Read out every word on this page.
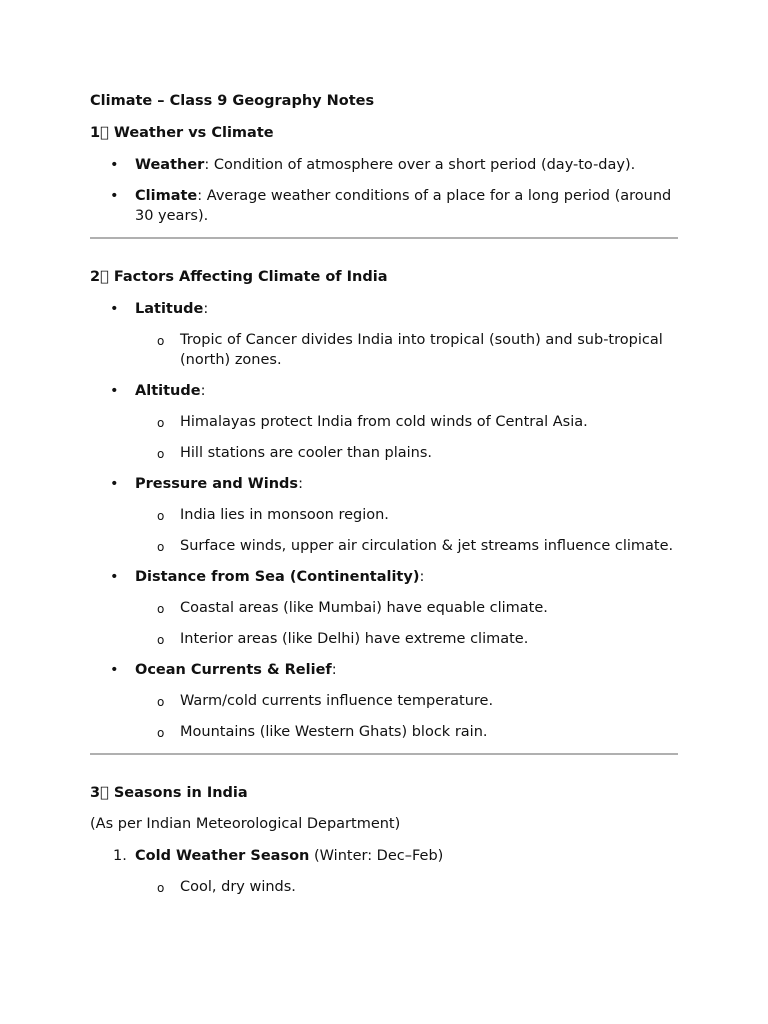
Climate – Class 9 Geography Notes
1⃣ Weather vs Climate
• Weather: Condition of atmosphere over a short period (day-to-day).
• Climate: Average weather conditions of a place for a long period (around 30 years).
2⃣ Factors Affecting Climate of India
• Latitude:
o Tropic of Cancer divides India into tropical (south) and sub-tropical (north) zones.
• Altitude:
o Himalayas protect India from cold winds of Central Asia.
o Hill stations are cooler than plains.
• Pressure and Winds:
o India lies in monsoon region.
o Surface winds, upper air circulation & jet streams influence climate.
• Distance from Sea (Continentality):
o Coastal areas (like Mumbai) have equable climate.
o Interior areas (like Delhi) have extreme climate.
• Ocean Currents & Relief:
o Warm/cold currents influence temperature.
o Mountains (like Western Ghats) block rain.
3⃣ Seasons in India
(As per Indian Meteorological Department)
1. Cold Weather Season (Winter: Dec–Feb)
o Cool, dry winds.
